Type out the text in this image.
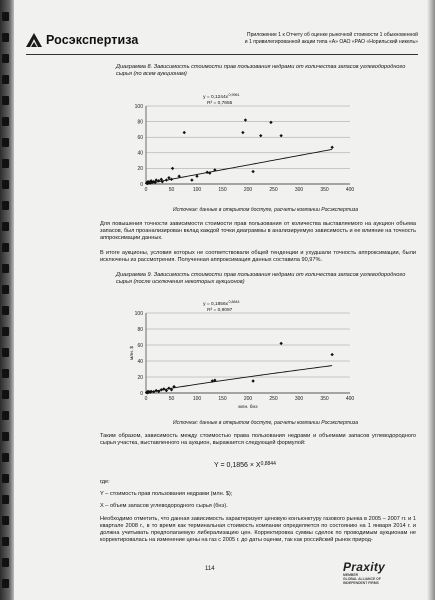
Росэкспертиза	Приложение 1 к Отчету об оценке рыночной стоимости 1 обыкновенной
и 1 привилегированной акции типа «А» ОАО «РАО «Норильский никель»
Диаграмма 8. Зависимость стоимости прав пользования недрами от количества запасов углеводородного сырья (по всем аукционам)
0
20
40
60
80
100
0	50	100	150	200	250	300	350	400
y = 0,1244x 0,9961
R² = 0,7655
Источник: данные в открытом доступе, расчеты компании Росэкспертиза
Для повышения точности зависимости стоимости прав пользования от количества выставляемого на аукцион объема запасов, был проанализирован вклад каждой точки диаграммы в анализируемую зависимость и ее влияние на точность аппроксимации данных.
В итоге аукционы, условия которых не соответствовали общей тенденции и ухудшали точность аппроксимации, были исключены из рассмотрения. Полученная аппроксимация данных составила 90,97%.
Диаграмма 9. Зависимость стоимости прав пользования недрами от количества запасов углеводородного сырья (после исключения некоторых аукционов)
0
20
40
60
80
100
0	50	100	150	200	250	300	350	400
y = 0,1856x 0,8844
R² = 0,9097
млн. $
млн. бнэ
Источник: данные в открытом доступе, расчеты компании Росэкспертиза
Таким образом, зависимость между стоимостью права пользования недрами и объемами запасов углеводородного сырья участка, выставленного на аукцион, выражается следующей формулой:
$Y = 0,1856 \times X^{0,8844}$
где:
Y – стоимость прав пользования недрами (млн. $);
X – объем запасов углеводородного сырья (бнэ).
Необходимо отметить, что данная зависимость характеризует ценовую конъюнктуру газового рынка в 2005 – 2007 гг. и 1 квартале 2008 г., в то время как терминальная стоимость компании определяется по состоянию на 1 января 2014 г. и должна учитывать предполагаемую либерализацию цен. Корректировка суммы сделок по проводимым аукционам не корректировалась на изменение цены на газ с 2005 г. до даты оценки, так как российский рынок природ-
114	Praxity
MEMBER
GLOBAL ALLIANCE OF
INDEPENDENT FIRMS
